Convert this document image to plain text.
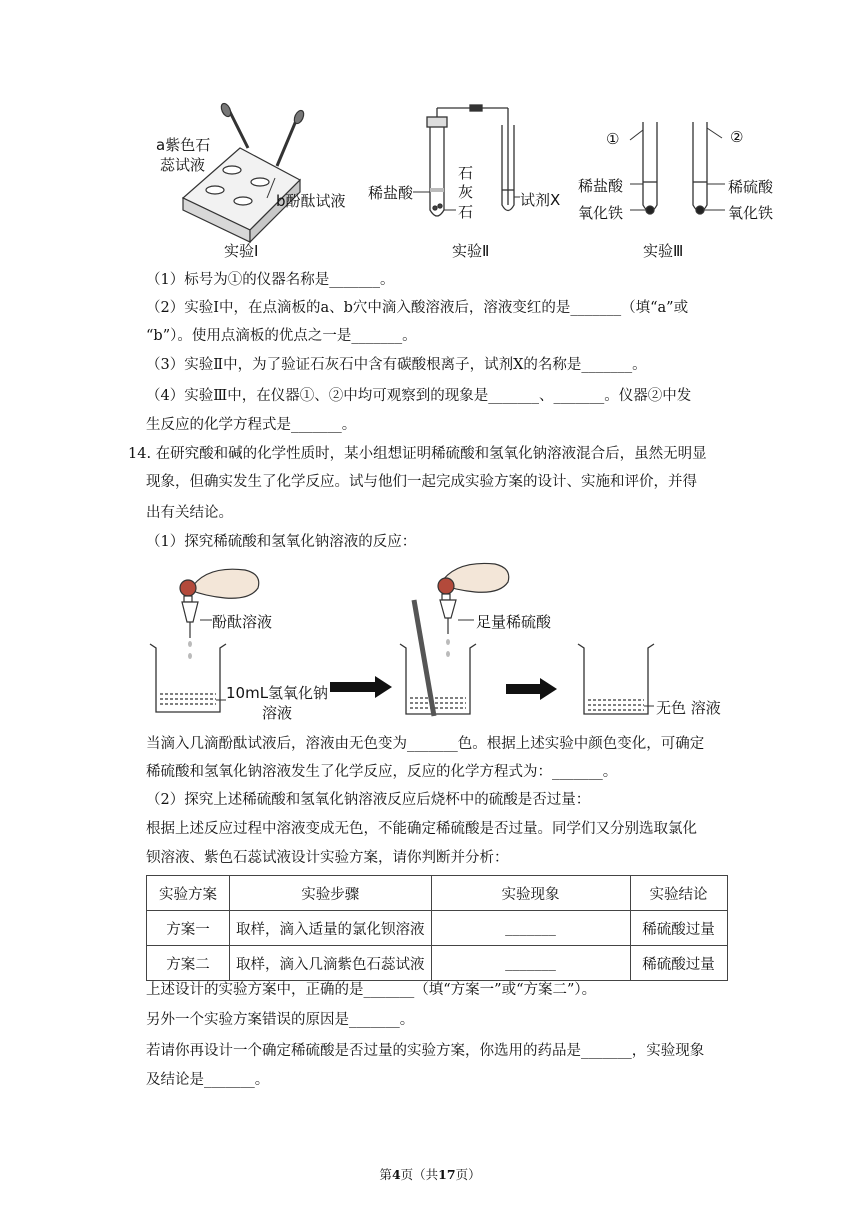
a紫色石
蕊试液
b酚酞试液
实验Ⅰ
稀盐酸
石
灰
石
试剂X
实验Ⅱ
①	②
稀盐酸
氧化铁
稀硫酸
氧化铁
实验Ⅲ
（1）标号为①的仪器名称是_______。
（2）实验Ⅰ中，在点滴板的a、b穴中滴入酸溶液后，溶液变红的是_______（填“a”或
“b”）。使用点滴板的优点之一是_______。
（3）实验Ⅱ中，为了验证石灰石中含有碳酸根离子，试剂X的名称是_______。
（4）实验Ⅲ中，在仪器①、②中均可观察到的现象是_______、_______。仪器②中发
生反应的化学方程式是_______。
14. 在研究酸和碱的化学性质时，某小组想证明稀硫酸和氢氧化钠溶液混合后，虽然无明显
现象，但确实发生了化学反应。试与他们一起完成实验方案的设计、实施和评价，并得
出有关结论。
（1）探究稀硫酸和氢氧化钠溶液的反应：
酚酞溶液
10mL氢氧化钠
溶液
足量稀硫酸
无色 溶液
当滴入几滴酚酞试液后，溶液由无色变为_______色。根据上述实验中颜色变化，可确定
稀硫酸和氢氧化钠溶液发生了化学反应，反应的化学方程式为：_______。
（2）探究上述稀硫酸和氢氧化钠溶液反应后烧杯中的硫酸是否过量：
根据上述反应过程中溶液变成无色，不能确定稀硫酸是否过量。同学们又分别选取氯化
钡溶液、紫色石蕊试液设计实验方案，请你判断并分析：
实验方案	实验步骤	实验现象	实验结论
方案一	取样，滴入适量的氯化钡溶液	_______	稀硫酸过量
方案二	取样，滴入几滴紫色石蕊试液	_______	稀硫酸过量
上述设计的实验方案中，正确的是_______（填“方案一”或“方案二”）。
另外一个实验方案错误的原因是_______。
若请你再设计一个确定稀硫酸是否过量的实验方案，你选用的药品是_______，实验现象
及结论是_______。
第4页（共17页）
